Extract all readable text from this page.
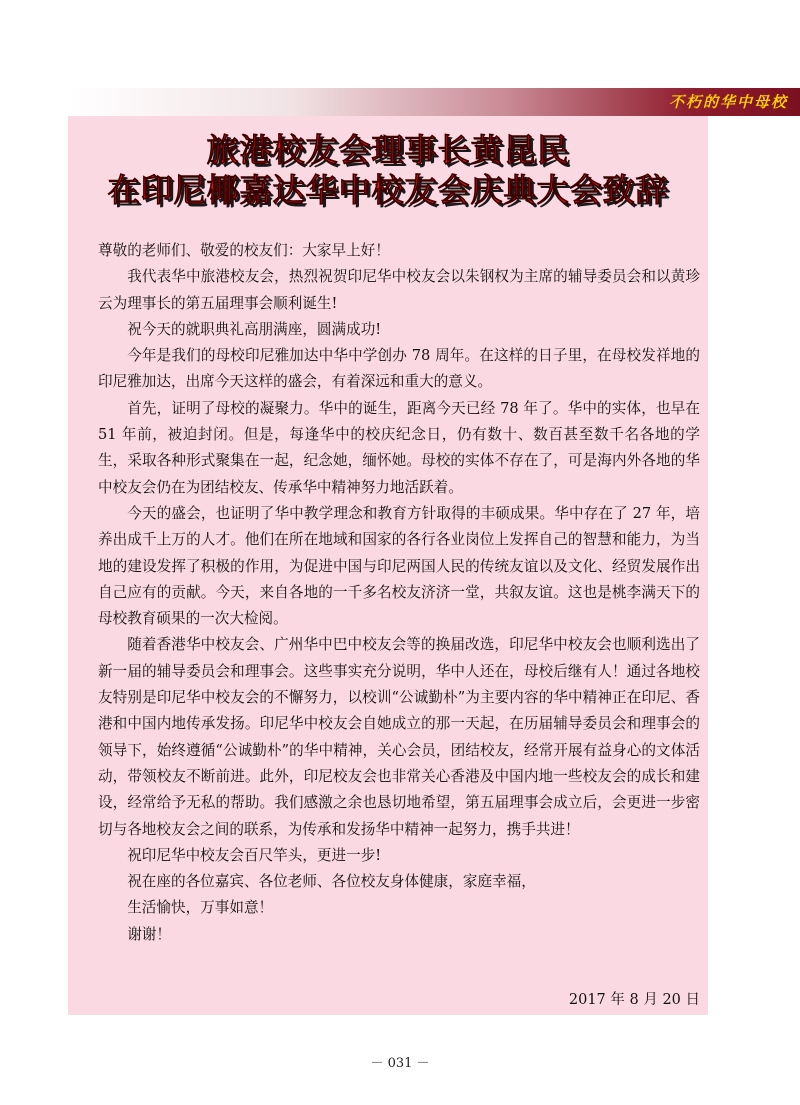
不朽的华中母校
旅港校友会理事长黄昆民
在印尼椰嘉达华中校友会庆典大会致辞

尊敬的老师们、敬爱的校友们：大家早上好！

我代表华中旅港校友会，热烈祝贺印尼华中校友会以朱钢权为主席的辅导委员会和以黄珍云为理事长的第五届理事会顺利诞生!

祝今天的就职典礼高朋满座，圆满成功!

今年是我们的母校印尼雅加达中华中学创办 78 周年。在这样的日子里，在母校发祥地的印尼雅加达，出席今天这样的盛会，有着深远和重大的意义。

首先，证明了母校的凝聚力。华中的诞生，距离今天已经 78 年了。华中的实体，也早在 51 年前，被迫封闭。但是，每逢华中的校庆纪念日，仍有数十、数百甚至数千名各地的学生，采取各种形式聚集在一起，纪念她，缅怀她。母校的实体不存在了，可是海内外各地的华中校友会仍在为团结校友、传承华中精神努力地活跃着。

今天的盛会，也证明了华中教学理念和教育方针取得的丰硕成果。华中存在了 27 年，培养出成千上万的人才。他们在所在地域和国家的各行各业岗位上发挥自己的智慧和能力，为当地的建设发挥了积极的作用，为促进中国与印尼两国人民的传统友谊以及文化、经贸发展作出自己应有的贡献。今天，来自各地的一千多名校友济济一堂，共叙友谊。这也是桃李满天下的母校教育硕果的一次大检阅。

随着香港华中校友会、广州华中巴中校友会等的换届改选，印尼华中校友会也顺利选出了新一届的辅导委员会和理事会。这些事实充分说明，华中人还在，母校后继有人！通过各地校友特别是印尼华中校友会的不懈努力，以校训“公诚勤朴”为主要内容的华中精神正在印尼、香港和中国内地传承发扬。印尼华中校友会自她成立的那一天起，在历届辅导委员会和理事会的领导下，始终遵循“公诚勤朴”的华中精神，关心会员，团结校友，经常开展有益身心的文体活动，带领校友不断前进。此外，印尼校友会也非常关心香港及中国内地一些校友会的成长和建设，经常给予无私的帮助。我们感激之余也恳切地希望，第五届理事会成立后，会更进一步密切与各地校友会之间的联系，为传承和发扬华中精神一起努力，携手共进！

祝印尼华中校友会百尺竿头，更进一步!

祝在座的各位嘉宾、各位老师、各位校友身体健康，家庭幸福，

生活愉快，万事如意！

谢谢！

2017 年 8 月 20 日
－ 031 －
